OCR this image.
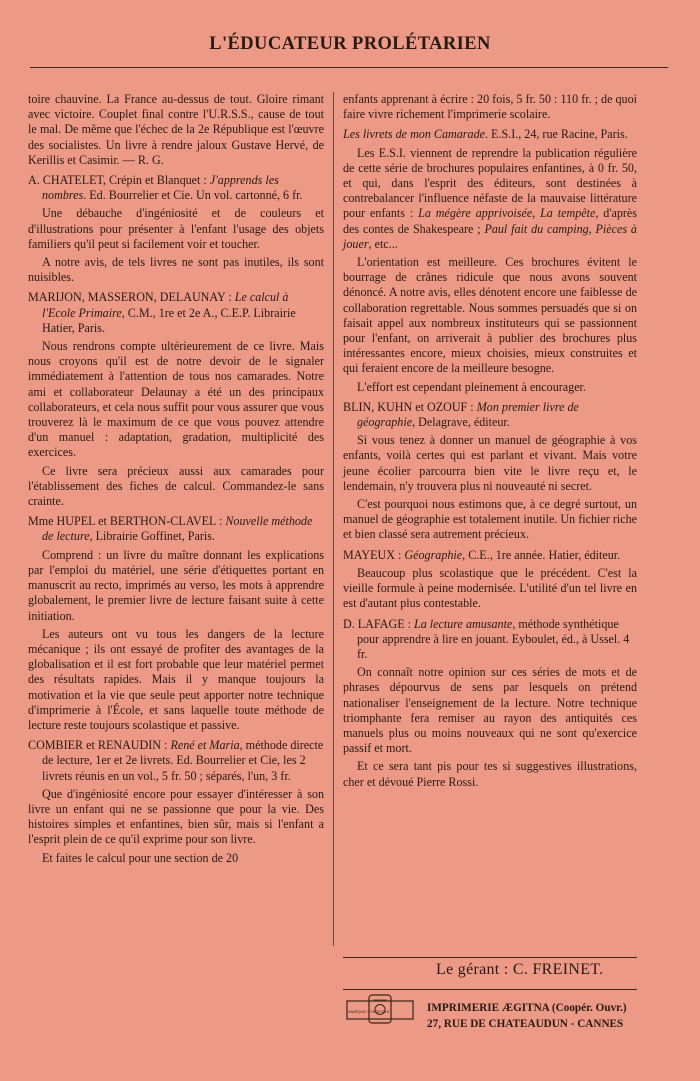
L'ÉDUCATEUR PROLÉTARIEN

toire chauvine. La France au-dessus de tout. Gloire rimant avec victoire. Couplet final contre l'U.R.S.S., cause de tout le mal. De même que l'échec de la 2e République est l'œuvre des socialistes. Un livre à rendre jaloux Gustave Hervé, de Kerillis et Casimir. — R. G.

A. CHATELET, Crépin et Blanquet : J'apprends les nombres. Ed. Bourrelier et Cie. Un vol. cartonné, 6 fr.

Une débauche d'ingéniosité et de couleurs et d'illustrations pour présenter à l'enfant l'usage des objets familiers qu'il peut si facilement voir et toucher.

A notre avis, de tels livres ne sont pas inutiles, ils sont nuisibles.

MARIJON, MASSERON, DELAUNAY : Le calcul à l'Ecole Primaire, C.M., 1re et 2e A., C.E.P. Librairie Hatier, Paris.

Nous rendrons compte ultérieurement de ce livre. Mais nous croyons qu'il est de notre devoir de le signaler immédiatement à l'attention de tous nos camarades. Notre ami et collaborateur Delaunay a été un des principaux collaborateurs, et cela nous suffit pour vous assurer que vous trouverez là le maximum de ce que vous pouvez attendre d'un manuel : adaptation, gradation, multiplicité des exercices.

Ce livre sera précieux aussi aux camarades pour l'établissement des fiches de calcul. Commandez-le sans crainte.

Mme HUPEL et BERTHON-CLAVEL : Nouvelle méthode de lecture, Librairie Goffinet, Paris.

Comprend : un livre du maître donnant les explications par l'emploi du matériel, une série d'étiquettes portant en manuscrit au recto, imprimés au verso, les mots à apprendre globalement, le premier livre de lecture faisant suite à cette initiation.

Les auteurs ont vu tous les dangers de la lecture mécanique ; ils ont essayé de profiter des avantages de la globalisation et il est fort probable que leur matériel permet des résultats rapides. Mais il y manque toujours la motivation et la vie que seule peut apporter notre technique d'imprimerie à l'École, et sans laquelle toute méthode de lecture reste toujours scolastique et passive.

COMBIER et RENAUDIN : René et Maria, méthode directe de lecture, 1er et 2e livrets. Ed. Bourrelier et Cie, les 2 livrets réunis en un vol., 5 fr. 50 ; séparés, l'un, 3 fr.

Que d'ingéniosité encore pour essayer d'intéresser à son livre un enfant qui ne se passionne que pour la vie. Des histoires simples et enfantines, bien sûr, mais si l'enfant a l'esprit plein de ce qu'il exprime pour son livre.

Et faites le calcul pour une section de 20

enfants apprenant à écrire : 20 fois, 5 fr. 50 : 110 fr. ; de quoi faire vivre richement l'imprimerie scolaire.

Les livrets de mon Camarade. E.S.I., 24, rue Racine, Paris.

Les E.S.I. viennent de reprendre la publication régulière de cette série de brochures populaires enfantines, à 0 fr. 50, et qui, dans l'esprit des éditeurs, sont destinées à contrebalancer l'influence néfaste de la mauvaise littérature pour enfants : La mégère apprivoisée, La tempête, d'après des contes de Shakespeare ; Paul fait du camping, Pièces à jouer, etc...

L'orientation est meilleure. Ces brochures évitent le bourrage de crânes ridicule que nous avons souvent dénoncé. A notre avis, elles dénotent encore une faiblesse de collaboration regrettable. Nous sommes persuadés que si on faisait appel aux nombreux instituteurs qui se passionnent pour l'enfant, on arriverait à publier des brochures plus intéressantes encore, mieux choisies, mieux construites et qui feraient encore de la meilleure besogne.

L'effort est cependant pleinement à encourager.

BLIN, KUHN et OZOUF : Mon premier livre de géographie, Delagrave, éditeur.

Si vous tenez à donner un manuel de géographie à vos enfants, voilà certes qui est parlant et vivant. Mais votre jeune écolier parcourra bien vite le livre reçu et, le lendemain, n'y trouvera plus ni nouveauté ni secret.

C'est pourquoi nous estimons que, à ce degré surtout, un manuel de géographie est totalement inutile. Un fichier riche et bien classé sera autrement précieux.

MAYEUX : Géographie, C.E., 1re année. Hatier, éditeur.

Beaucoup plus scolastique que le précédent. C'est la vieille formule à peine modernisée. L'utilité d'un tel livre en est d'autant plus contestable.

D. LAFAGE : La lecture amusante, méthode synthétique pour apprendre à lire en jouant. Eyboulet, éd., à Ussel. 4 fr.

On connaît notre opinion sur ces séries de mots et de phrases dépourvus de sens par lesquels on prétend nationaliser l'enseignement de la lecture. Notre technique triomphante fera remiser au rayon des antiquités ces manuels plus ou moins nouveaux qui ne sont qu'exercice passif et mort.

Et ce sera tant pis pour tes si suggestives illustrations, cher et dévoué Pierre Rossi.

Le gérant : C. FREINET.
MARQUE SYNDICALE	IMPRIMERIE ÆGITNA (Coopér. Ouvr.)
27, RUE DE CHATEAUDUN - CANNES
